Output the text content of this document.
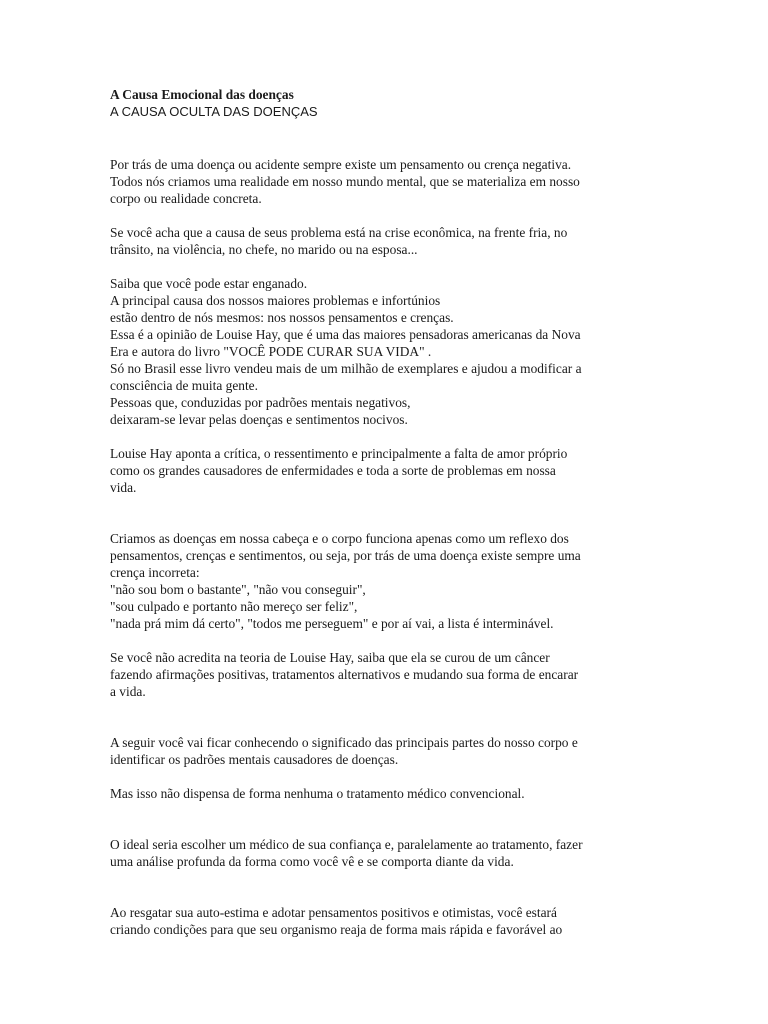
A Causa Emocional das doenças
A CAUSA OCULTA DAS DOENÇAS
Por trás de uma doença ou acidente sempre existe um pensamento ou crença negativa.
Todos nós criamos uma realidade em nosso mundo mental, que se materializa em nosso
corpo ou realidade concreta.
Se você acha que a causa de seus problema está na crise econômica, na frente fria, no
trânsito, na violência, no chefe, no marido ou na esposa...
Saiba que você pode estar enganado.
A principal causa dos nossos maiores problemas e infortúnios
estão dentro de nós mesmos: nos nossos pensamentos e crenças.
Essa é a opinião de Louise Hay, que é uma das maiores pensadoras americanas da Nova
Era e autora do livro "VOCÊ PODE CURAR SUA VIDA" .
Só no Brasil esse livro vendeu mais de um milhão de exemplares e ajudou a modificar a
consciência de muita gente.
Pessoas que, conduzidas por padrões mentais negativos,
deixaram-se levar pelas doenças e sentimentos nocivos.
Louise Hay aponta a crítica, o ressentimento e principalmente a falta de amor próprio
como os grandes causadores de enfermidades e toda a sorte de problemas em nossa
vida.
Criamos as doenças em nossa cabeça e o corpo funciona apenas como um reflexo dos
pensamentos, crenças e sentimentos, ou seja, por trás de uma doença existe sempre uma
crença incorreta:
"não sou bom o bastante", "não vou conseguir",
"sou culpado e portanto não mereço ser feliz",
"nada prá mim dá certo", "todos me perseguem" e por aí vai, a lista é interminável.
Se você não acredita na teoria de Louise Hay, saiba que ela se curou de um câncer
fazendo afirmações positivas, tratamentos alternativos e mudando sua forma de encarar
a vida.
A seguir você vai ficar conhecendo o significado das principais partes do nosso corpo e
identificar os padrões mentais causadores de doenças.
Mas isso não dispensa de forma nenhuma o tratamento médico convencional.
O ideal seria escolher um médico de sua confiança e, paralelamente ao tratamento, fazer
uma análise profunda da forma como você vê e se comporta diante da vida.
Ao resgatar sua auto-estima e adotar pensamentos positivos e otimistas, você estará
criando condições para que seu organismo reaja de forma mais rápida e favorável ao
